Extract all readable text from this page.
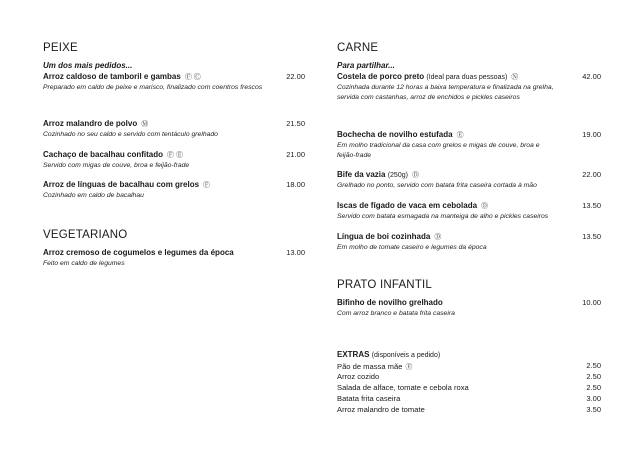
PEIXE
Um dos mais pedidos...
Arroz caldoso de tamboril e gambas Ⓕ Ⓒ	22.00
Preparado em caldo de peixe e marisco, finalizado com coentros frescos
Arroz malandro de polvo Ⓜ	21.50
Cozinhado no seu caldo e servido com tentáculo grelhado
Cachaço de bacalhau confitado Ⓕ Ⓔ	21.00
Servido com migas de couve, broa e feijão-frade
Arroz de línguas de bacalhau com grelos Ⓕ	18.00
Cozinhado em caldo de bacalhau
VEGETARIANO
Arroz cremoso de cogumelos e legumes da época	13.00
Feito em caldo de legumes
CARNE
Para partilhar...
Costela de porco preto (Ideal para duas pessoas) Ⓝ	42.00
Cozinhada durante 12 horas a baixa temperatura e finalizada na grelha,
servida com castanhas, arroz de enchidos e pickles caseiros
Bochecha de novilho estufada Ⓔ	19.00
Em molho tradicional da casa com grelos e migas de couve, broa e
feijão-frade
Bife da vazia (250g) Ⓓ	22.00
Grelhado no ponto, servido com batata frita caseira cortada à mão
Iscas de fígado de vaca em cebolada Ⓓ	13.50
Servido com batata esmagada na manteiga de alho e pickles caseiros
Língua de boi cozinhada Ⓓ	13.50
Em molho de tomate caseiro e legumes da época
PRATO INFANTIL
Bifinho de novilho grelhado	10.00
Com arroz branco e batata frita caseira
EXTRAS (disponíveis a pedido)
Pão de massa mãe Ⓔ	2.50
Arroz cozido	2.50
Salada de alface, tomate e cebola roxa	2.50
Batata frita caseira	3.00
Arroz malandro de tomate	3.50
